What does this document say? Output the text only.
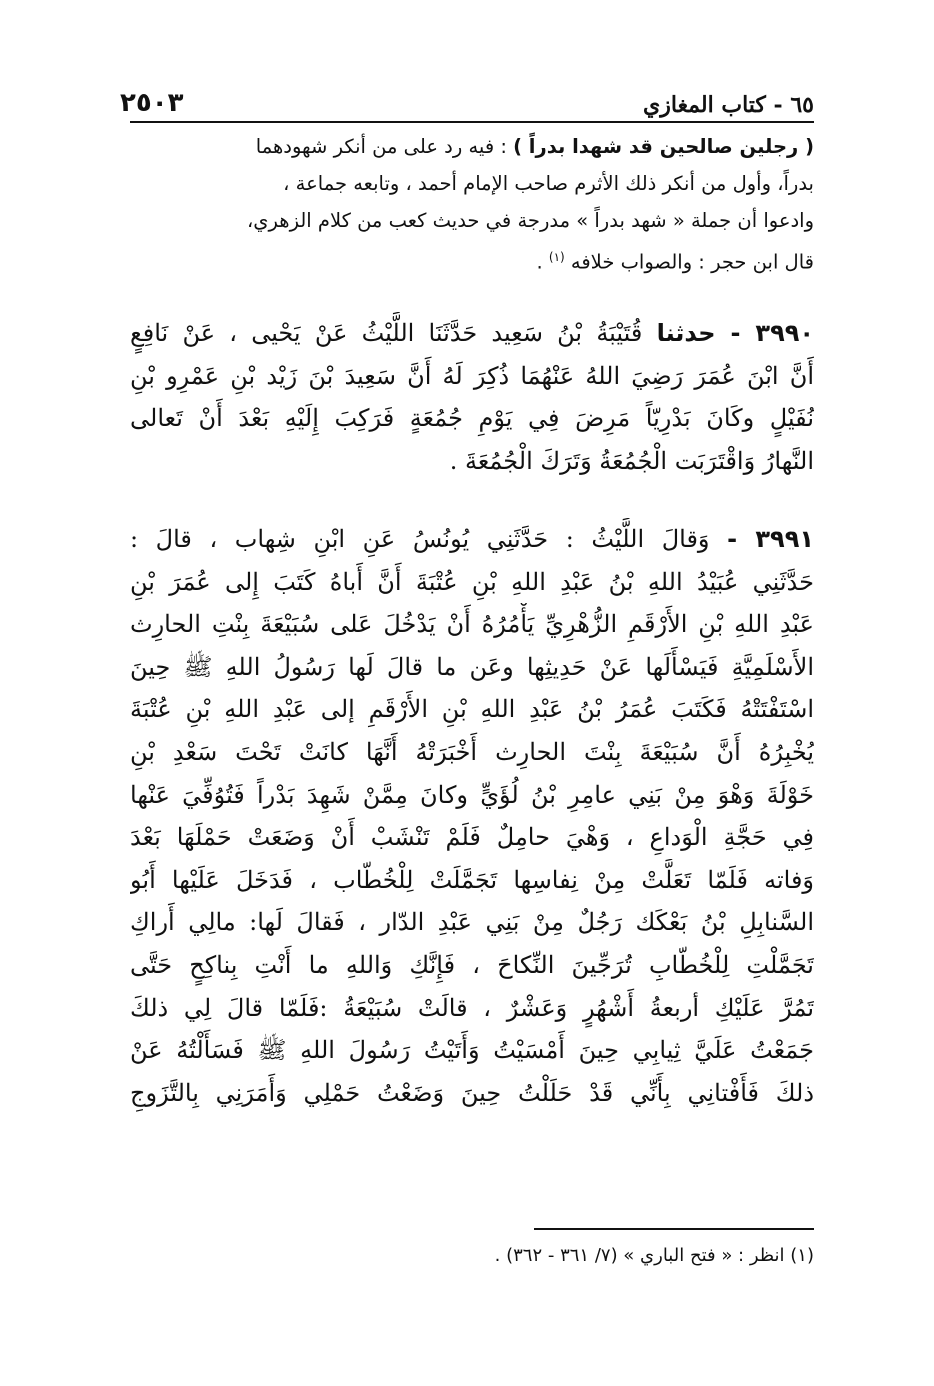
٦٥ - كتاب المغازي
٢٥٠٣
( رجلين صالحين قد شهدا بدراً ) : فيه رد على من أنكر شهودهما
بدراً، وأول من أنكر ذلك الأثرم صاحب الإمام أحمد ، وتابعه جماعة ،
وادعوا أن جملة « شهد بدراً » مدرجة في حديث كعب من كلام الزهري،
قال ابن حجر : والصواب خلافه $^{(١)}$ .
٣٩٩٠ - حدثنا قُتَيْبَةُ بْنُ سَعِيد حَدَّثَنَا اللَّيْثُ عَنْ يَحْيى ، عَنْ نَافِعٍ
أَنَّ ابْنَ عُمَرَ رَضِيَ اللهُ عَنْهُمَا ذُكِرَ لَهُ أَنَّ سَعِيدَ بْنَ زَيْد بْنِ عَمْرِو بْنِ
نُفَيْلٍ وكَانَ بَدْرِيّاً مَرِضَ فِي يَوْمِ جُمُعَةٍ فَرَكِبَ إِلَيْهِ بَعْدَ أَنْ تَعالى
النَّهارُ وَاقْتَرَبَت الْجُمُعَةُ وَتَرَكَ الْجُمُعَةَ .
٣٩٩١ - وَقالَ اللَّيْثُ : حَدَّثَنِي يُونُسُ عَنِ ابْنِ شِهاب ، قالَ :
حَدَّثَنِي عُبَيْدُ اللهِ بْنُ عَبْدِ اللهِ بْنِ عُتْبَةَ أَنَّ أَباهُ كَتَبَ إِلى عُمَرَ بْنِ
عَبْدِ اللهِ بْنِ الأَرْقَمِ الزُّهْرِيِّ يَأْمُرُهُ أَنْ يَدْخُلَ عَلى سُبَيْعَةَ بِنْتِ الحارِث
الأَسْلَمِيَّةِ فَيَسْأَلَها عَنْ حَدِيثِها وعَن ما قالَ لَها رَسُولُ اللهِ ﷺ حِينَ
اسْتَفْتَتْهُ فَكَتَبَ عُمَرُ بْنُ عَبْدِ اللهِ بْنِ الأَرْقَمِ إلى عَبْدِ اللهِ بْنِ عُتْبَةَ
يُخْبِرُهُ أَنَّ سُبَيْعَةَ بِنْتَ الحارِث أَخْبَرَتْهُ أَنَّهَا كانَتْ تَحْتَ سَعْدِ بْنِ
خَوْلَةَ وَهْوَ مِنْ بَنِي عامِرِ بْنُ لُؤَيٍّ وكانَ مِمَّنْ شَهِدَ بَدْراً فَتُوُفِّيَ عَنْها
فِي حَجَّةِ الْوَداعِ ، وَهْيَ حامِلٌ فَلَمْ تَنْشَبْ أَنْ وَضَعَتْ حَمْلَهَا بَعْدَ
وَفاته فَلَمّا تَعَلَّتْ مِنْ نِفاسِها تَجَمَّلَتْ لِلْخُطّاب ، فَدَخَلَ عَلَيْها أَبُو
السَّنابِلِ بْنُ بَعْكَك رَجُلٌ مِنْ بَنِي عَبْدِ الدّار ، فَقالَ لَها: مالِي أَراكِ
تَجَمَّلْتِ لِلْخُطّابِ تُرَجِّينَ النِّكاحَ ، فَإِنَّكِ وَاللهِ ما أَنْتِ بِناكِحٍ حَتَّى
تَمُرَّ عَلَيْكِ أربعةُ أَشْهُرٍ وَعَشْرٌ ، قالَتْ سُبَيْعَةُ :فَلَمّا قالَ لِي ذلكَ
جَمَعْتُ عَلَيَّ ثِيابِي حِينَ أَمْسَيْتُ وَأَتَيْتُ رَسُولَ اللهِ ﷺ فَسَأَلْتُهُ عَنْ
ذلكَ فَأَفْتانِي بِأَنِّي قَدْ حَلَلْتُ حِينَ وَضَعْتُ حَمْلِي وَأَمَرَنِي بِالتَّزَوجِ
(١) انظر : « فتح الباري » (٧/ ٣٦١ - ٣٦٢) .
